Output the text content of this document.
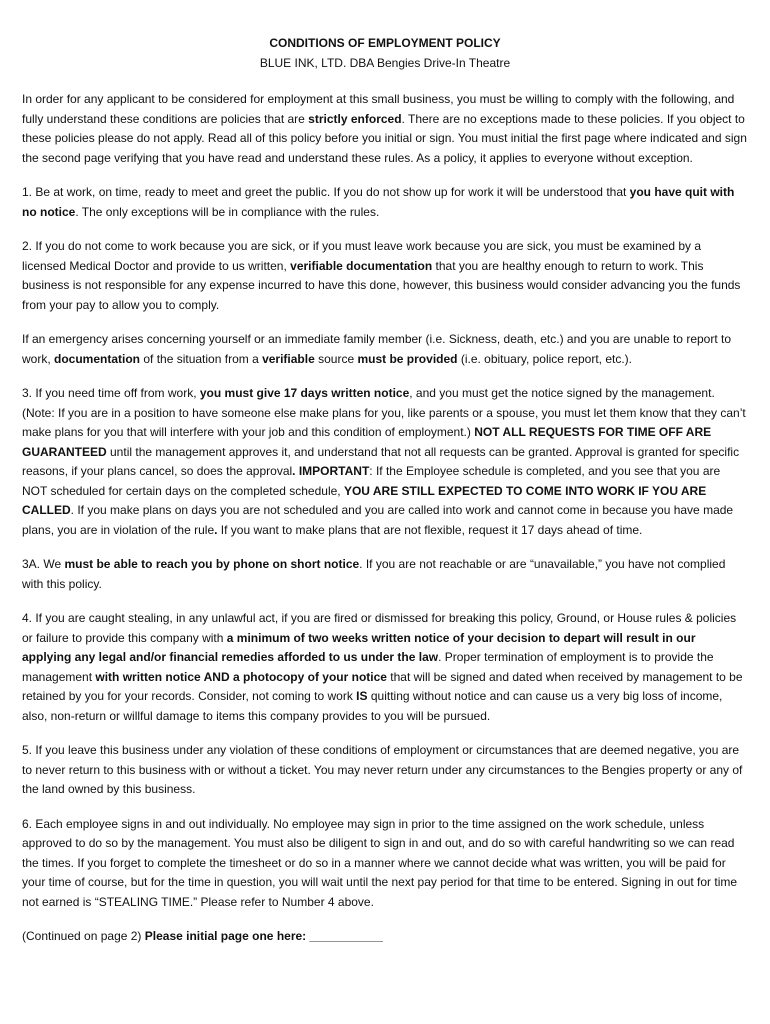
CONDITIONS OF EMPLOYMENT POLICY
BLUE INK, LTD. DBA Bengies Drive-In Theatre

In order for any applicant to be considered for employment at this small business, you must be willing to comply with the following, and fully understand these conditions are policies that are strictly enforced. There are no exceptions made to these policies. If you object to these policies please do not apply. Read all of this policy before you initial or sign. You must initial the first page where indicated and sign the second page verifying that you have read and understand these rules. As a policy, it applies to everyone without exception.

1. Be at work, on time, ready to meet and greet the public. If you do not show up for work it will be understood that you have quit with no notice. The only exceptions will be in compliance with the rules.

2. If you do not come to work because you are sick, or if you must leave work because you are sick, you must be examined by a licensed Medical Doctor and provide to us written, verifiable documentation that you are healthy enough to return to work. This business is not responsible for any expense incurred to have this done, however, this business would consider advancing you the funds from your pay to allow you to comply.

If an emergency arises concerning yourself or an immediate family member (i.e. Sickness, death, etc.) and you are unable to report to work, documentation of the situation from a verifiable source must be provided (i.e. obituary, police report, etc.).

3. If you need time off from work, you must give 17 days written notice, and you must get the notice signed by the management. (Note: If you are in a position to have someone else make plans for you, like parents or a spouse, you must let them know that they can’t make plans for you that will interfere with your job and this condition of employment.) NOT ALL REQUESTS FOR TIME OFF ARE GUARANTEED until the management approves it, and understand that not all requests can be granted. Approval is granted for specific reasons, if your plans cancel, so does the approval. IMPORTANT: If the Employee schedule is completed, and you see that you are NOT scheduled for certain days on the completed schedule, YOU ARE STILL EXPECTED TO COME INTO WORK IF YOU ARE CALLED. If you make plans on days you are not scheduled and you are called into work and cannot come in because you have made plans, you are in violation of the rule. If you want to make plans that are not flexible, request it 17 days ahead of time.

3A. We must be able to reach you by phone on short notice. If you are not reachable or are “unavailable,” you have not complied with this policy.

4. If you are caught stealing, in any unlawful act, if you are fired or dismissed for breaking this policy, Ground, or House rules & policies or failure to provide this company with a minimum of two weeks written notice of your decision to depart will result in our applying any legal and/or financial remedies afforded to us under the law. Proper termination of employment is to provide the management with written notice AND a photocopy of your notice that will be signed and dated when received by management to be retained by you for your records. Consider, not coming to work IS quitting without notice and can cause us a very big loss of income, also, non-return or willful damage to items this company provides to you will be pursued.

5. If you leave this business under any violation of these conditions of employment or circumstances that are deemed negative, you are to never return to this business with or without a ticket. You may never return under any circumstances to the Bengies property or any of the land owned by this business.

6. Each employee signs in and out individually. No employee may sign in prior to the time assigned on the work schedule, unless approved to do so by the management. You must also be diligent to sign in and out, and do so with careful handwriting so we can read the times. If you forget to complete the timesheet or do so in a manner where we cannot decide what was written, you will be paid for your time of course, but for the time in question, you will wait until the next pay period for that time to be entered. Signing in out for time not earned is “STEALING TIME.” Please refer to Number 4 above.

(Continued on page 2) Please initial page one here: ___________
